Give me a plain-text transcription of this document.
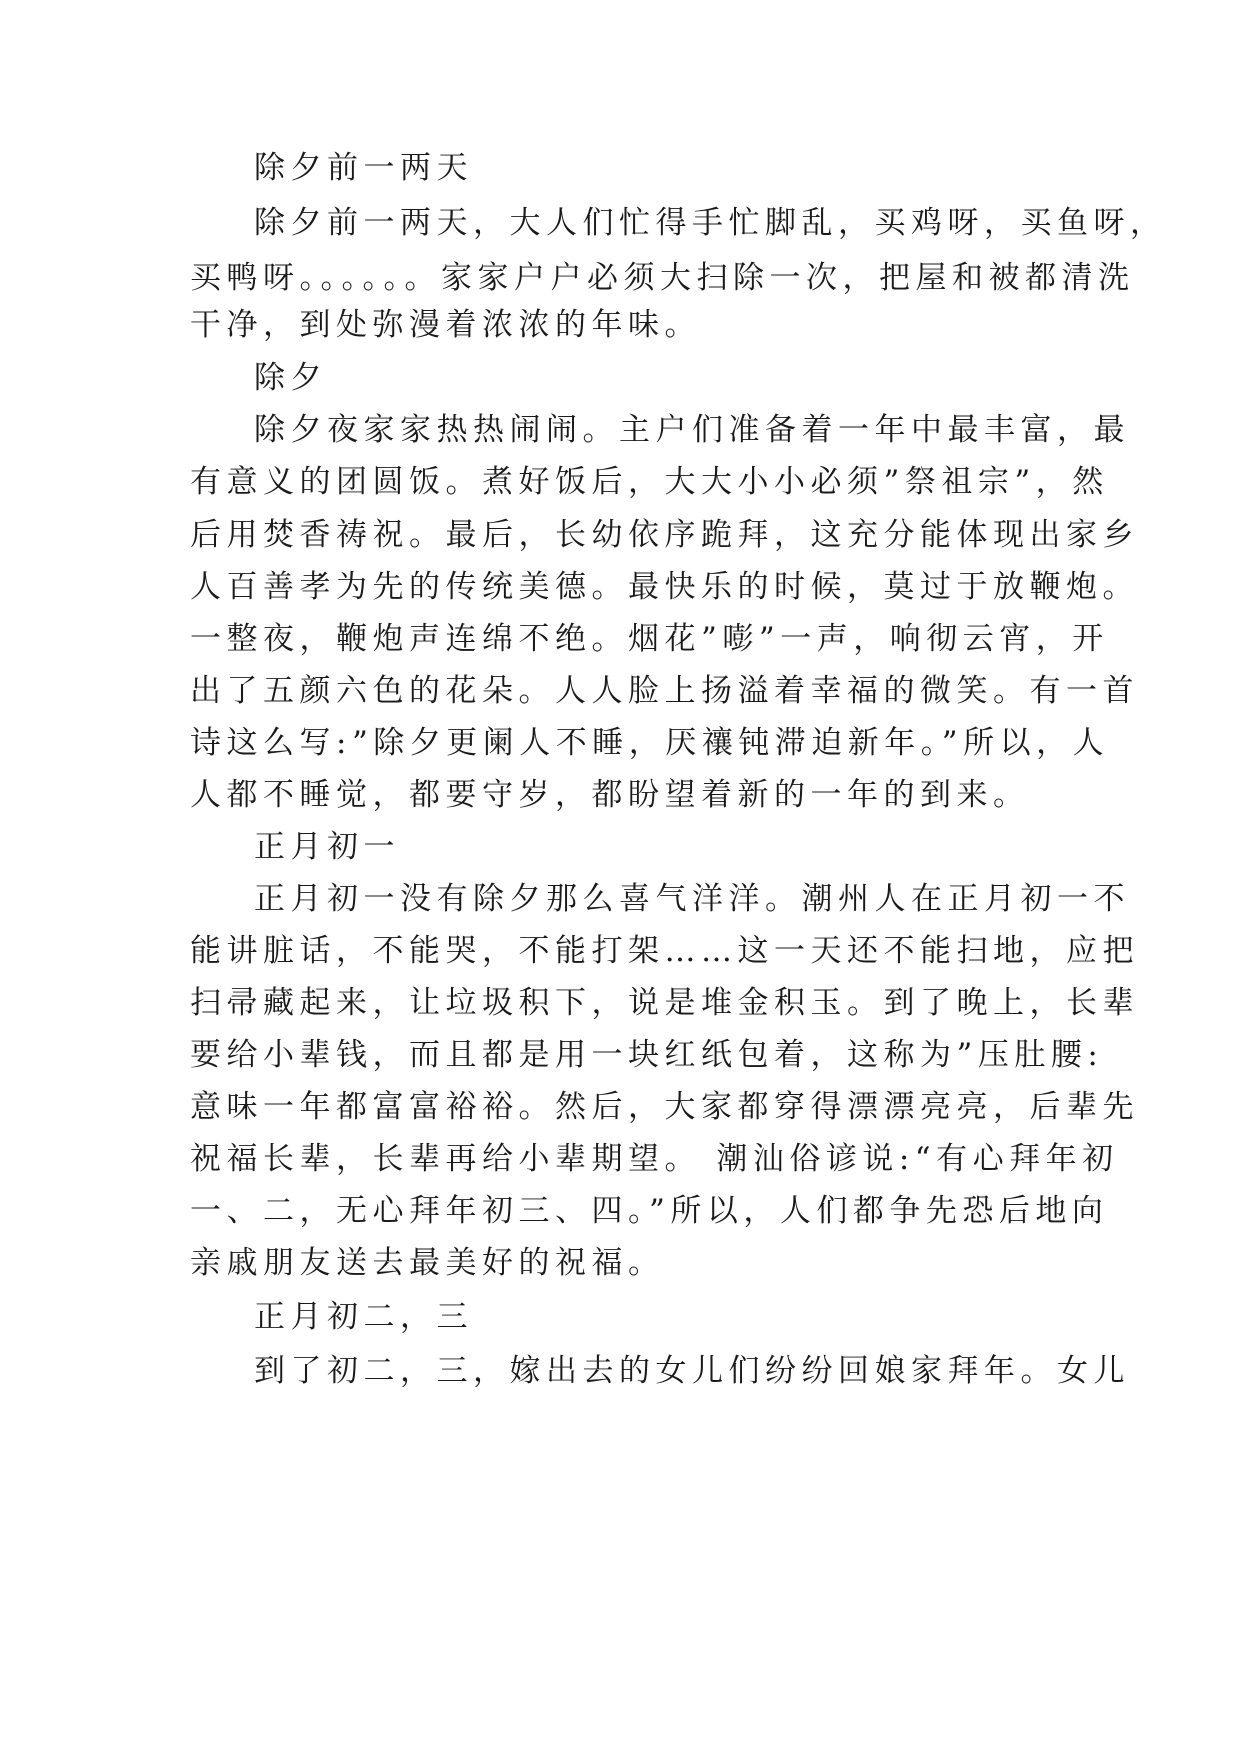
除夕前一两天
除夕前一两天，大人们忙得手忙脚乱，买鸡呀，买鱼呀，
买鸭呀。。。。。。家家户户必须大扫除一次，把屋和被都清洗
干净，到处弥漫着浓浓的年味。
除夕
除夕夜家家热热闹闹。主户们准备着一年中最丰富，最
有意义的团圆饭。煮好饭后，大大小小必须”祭祖宗”，然
后用焚香祷祝。最后，长幼依序跪拜，这充分能体现出家乡
人百善孝为先的传统美德。最快乐的时候，莫过于放鞭炮。
一整夜，鞭炮声连绵不绝。烟花”嘭”一声，响彻云宵，开
出了五颜六色的花朵。人人脸上扬溢着幸福的微笑。有一首
诗这么写:”除夕更阑人不睡，厌禳钝滞迫新年。”所以，人
人都不睡觉，都要守岁，都盼望着新的一年的到来。
正月初一
正月初一没有除夕那么喜气洋洋。潮州人在正月初一不
能讲脏话，不能哭，不能打架……这一天还不能扫地，应把
扫帚藏起来，让垃圾积下，说是堆金积玉。到了晚上，长辈
要给小辈钱，而且都是用一块红纸包着，这称为”压肚腰:
意味一年都富富裕裕。然后，大家都穿得漂漂亮亮，后辈先
祝福长辈，长辈再给小辈期望。 潮汕俗谚说:“有心拜年初
一、二，无心拜年初三、四。”所以，人们都争先恐后地向
亲戚朋友送去最美好的祝福。
正月初二，三
到了初二，三，嫁出去的女儿们纷纷回娘家拜年。女儿
